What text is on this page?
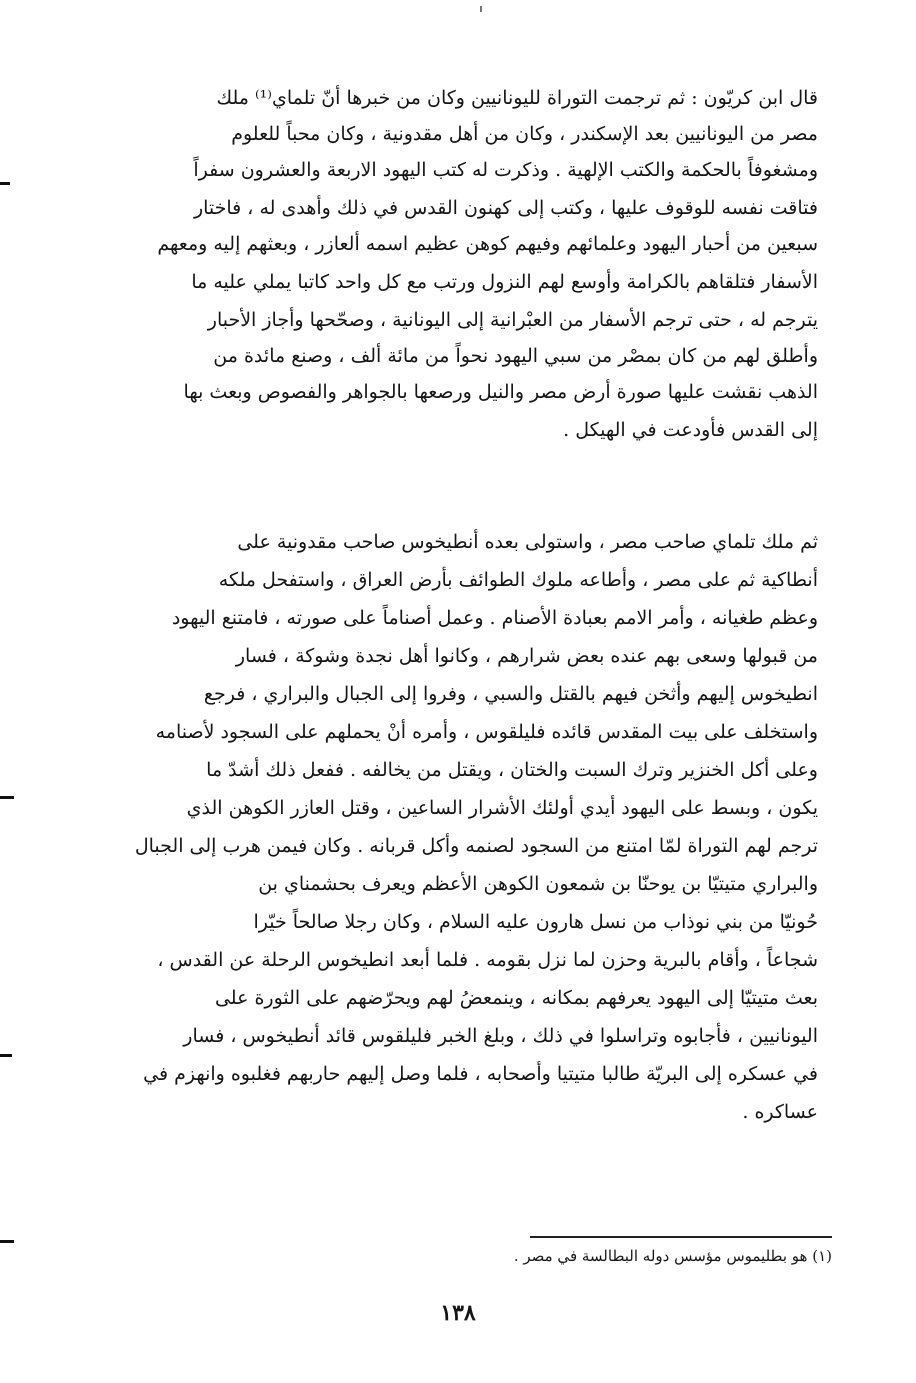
قال ابن كريّون : ثم ترجمت التوراة لليونانيين وكان من خبرها أنّ تلماي⁽¹⁾ ملك
مصر من اليونانيين بعد الإسكندر ، وكان من أهل مقدونية ، وكان محباً للعلوم
ومشغوفاً بالحكمة والكتب الإلهية . وذكرت له كتب اليهود الاربعة والعشرون سفراً
فتاقت نفسه للوقوف عليها ، وكتب إلى كهنون القدس في ذلك وأهدى له ، فاختار
سبعين من أحبار اليهود وعلمائهم وفيهم كوهن عظيم اسمه ألعازر ، وبعثهم إليه ومعهم
الأسفار فتلقاهم بالكرامة وأوسع لهم النزول ورتب مع كل واحد كاتبا يملي عليه ما
يترجم له ، حتى ترجم الأسفار من العبْرانية إلى اليونانية ، وصحّحها وأجاز الأحبار
وأطلق لهم من كان بمصْر من سبي اليهود نحواً من مائة ألف ، وصنع مائدة من
الذهب نقشت عليها صورة أرض مصر والنيل ورصعها بالجواهر والفصوص وبعث بها
إلى القدس فأودعت في الهيكل .
ثم ملك تلماي صاحب مصر ، واستولى بعده أنطيخوس صاحب مقدونية على
أنطاكية ثم على مصر ، وأطاعه ملوك الطوائف بأرض العراق ، واستفحل ملكه
وعظم طغيانه ، وأمر الامم بعبادة الأصنام . وعمل أصناماً على صورته ، فامتنع اليهود
من قبولها وسعى بهم عنده بعض شرارهم ، وكانوا أهل نجدة وشوكة ، فسار
انطيخوس إليهم وأثخن فيهم بالقتل والسبي ، وفروا إلى الجبال والبراري ، فرجع
واستخلف على بيت المقدس قائده فليلقوس ، وأمره أنْ يحملهم على السجود لأصنامه
وعلى أكل الخنزير وترك السبت والختان ، ويقتل من يخالفه . ففعل ذلك أشدّ ما
يكون ، وبسط على اليهود أيدي أولئك الأشرار الساعين ، وقتل العازر الكوهن الذي
ترجم لهم التوراة لمّا امتنع من السجود لصنمه وأكل قربانه . وكان فيمن هرب إلى الجبال
والبراري متيتيّا بن يوحنّا بن شمعون الكوهن الأعظم ويعرف بحشمناي بن
حُونيّا من بني نوذاب من نسل هارون عليه السلام ، وكان رجلا صالحاً خيّرا
شجاعاً ، وأقام بالبرية وحزن لما نزل بقومه . فلما أبعد انطيخوس الرحلة عن القدس ،
بعث متيتيّا إلى اليهود يعرفهم بمكانه ، وينمعضُ لهم ويحرّضهم على الثورة على
اليونانيين ، فأجابوه وتراسلوا في ذلك ، وبلغ الخبر فليلقوس قائد أنطيخوس ، فسار
في عسكره إلى البريّة طالبا متيتيا وأصحابه ، فلما وصل إليهم حاربهم فغلبوه وانهزم في
عساكره .
(١) هو بطليموس مؤسس دوله البطالسة في مصر .
١٣٨
